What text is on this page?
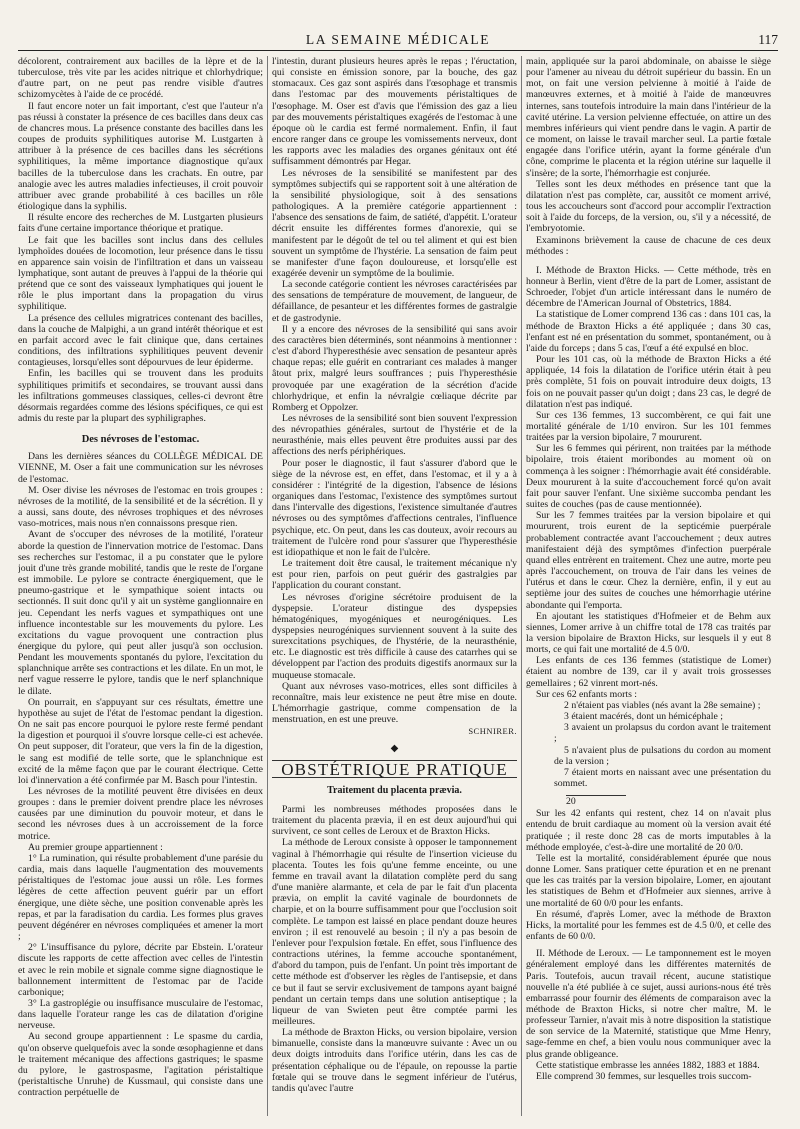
LA SEMAINE MÉDICALE	117

décolorent, contrairement aux bacilles de la lèpre et de la tuberculose, très vite par les acides nitrique et chlorhydrique; d'autre part, on ne peut pas rendre visible d'autres schizomycètes à l'aide de ce procédé.

Il faut encore noter un fait important, c'est que l'auteur n'a pas réussi à constater la présence de ces bacilles dans deux cas de chancres mous. La présence constante des bacilles dans les coupes de produits syphilitiques autorise M. Lustgarten à attribuer à la présence de ces bacilles dans les sécrétions syphilitiques, la même importance diagnostique qu'aux bacilles de la tuberculose dans les crachats. En outre, par analogie avec les autres maladies infectieuses, il croit pouvoir attribuer avec grande probabilité à ces bacilles un rôle étiologique dans la syphilis.

Il résulte encore des recherches de M. Lustgarten plusieurs faits d'une certaine importance théorique et pratique.

Le fait que les bacilles sont inclus dans des cellules lymphoïdes douées de locomotion, leur présence dans le tissu en apparence sain voisin de l'infiltration et dans un vaisseau lymphatique, sont autant de preuves à l'appui de la théorie qui prétend que ce sont des vaisseaux lymphatiques qui jouent le rôle le plus important dans la propagation du virus syphilitique.

La présence des cellules migratrices contenant des bacilles, dans la couche de Malpighi, a un grand intérêt théorique et est en parfait accord avec le fait clinique que, dans certaines conditions, des infiltrations syphilitiques peuvent devenir contagieuses, lorsqu'elles sont dépourvues de leur épiderme.

Enfin, les bacilles qui se trouvent dans les produits syphilitiques primitifs et secondaires, se trouvant aussi dans les infiltrations gommeuses classiques, celles-ci devront être désormais regardées comme des lésions spécifiques, ce qui est admis du reste par la plupart des syphiligraphes.

Des névroses de l'estomac.

Dans les dernières séances du COLLÈGE MÉDICAL DE VIENNE, M. Oser a fait une communication sur les névroses de l'estomac.

M. Oser divise les névroses de l'estomac en trois groupes : névroses de la motilité, de la sensibilité et de la sécrétion. Il y a aussi, sans doute, des névroses trophiques et des névroses vaso-motrices, mais nous n'en connaissons presque rien.

Avant de s'occuper des névroses de la motilité, l'orateur aborde la question de l'innervation motrice de l'estomac. Dans ses recherches sur l'estomac, il a pu constater que le pylore jouit d'une très grande mobilité, tandis que le reste de l'organe est immobile. Le pylore se contracte énergiquement, que le pneumo-gastrique et le sympathique soient intacts ou sectionnés. Il suit donc qu'il y ait un système ganglionnaire en jeu. Cependant les nerfs vagues et sympathiques ont une influence incontestable sur les mouvements du pylore. Les excitations du vague provoquent une contraction plus énergique du pylore, qui peut aller jusqu'à son occlusion. Pendant les mouvements spontanés du pylore, l'excitation du splanchnique arrête ses contractions et les dilate. En un mot, le nerf vague resserre le pylore, tandis que le nerf splanchnique le dilate.

On pourrait, en s'appuyant sur ces résultats, émettre une hypothèse au sujet de l'état de l'estomac pendant la digestion. On ne sait pas encore pourquoi le pylore reste fermé pendant la digestion et pourquoi il s'ouvre lorsque celle-ci est achevée. On peut supposer, dit l'orateur, que vers la fin de la digestion, le sang est modifié de telle sorte, que le splanchnique est excité de la même façon que par le courant électrique. Cette loi d'innervation a été confirmée par M. Basch pour l'intestin.

Les névroses de la motilité peuvent être divisées en deux groupes : dans le premier doivent prendre place les névroses causées par une diminution du pouvoir moteur, et dans le second les névroses dues à un accroissement de la force motrice.

Au premier groupe appartiennent :

1° La rumination, qui résulte probablement d'une parésie du cardia, mais dans laquelle l'augmentation des mouvements péristaltiques de l'estomac joue aussi un rôle. Les formes légères de cette affection peuvent guérir par un effort énergique, une diète sèche, une position convenable après les repas, et par la faradisation du cardia. Les formes plus graves peuvent dégénérer en névroses compliquées et amener la mort ;

2° L'insuffisance du pylore, décrite par Ebstein. L'orateur discute les rapports de cette affection avec celles de l'intestin et avec le rein mobile et signale comme signe diagnostique le ballonnement intermittent de l'estomac par de l'acide carbonique;

3° La gastroplégie ou insuffisance musculaire de l'estomac, dans laquelle l'orateur range les cas de dilatation d'origine nerveuse.

Au second groupe appartiennent : Le spasme du cardia, qu'on observe quelquefois avec la sonde œsophagienne et dans le traitement mécanique des affections gastriques; le spasme du pylore, le gastrospasme, l'agitation péristaltique (peristaltische Unruhe) de Kussmaul, qui consiste dans une contraction perpétuelle de

l'intestin, durant plusieurs heures après le repas ; l'éructation, qui consiste en émission sonore, par la bouche, des gaz stomacaux. Ces gaz sont aspirés dans l'œsophage et transmis dans l'estomac par des mouvements péristaltiques de l'œsophage. M. Oser est d'avis que l'émission des gaz a lieu par des mouvements péristaltiques exagérés de l'estomac à une époque où le cardia est fermé normalement. Enfin, il faut encore ranger dans ce groupe les vomissements nerveux, dont les rapports avec les maladies des organes génitaux ont été suffisamment démontrés par Hegar.

Les névroses de la sensibilité se manifestent par des symptômes subjectifs qui se rapportent soit à une altération de la sensibilité physiologique, soit à des sensations pathologiques. A la première catégorie appartiennent : l'absence des sensations de faim, de satiété, d'appétit. L'orateur décrit ensuite les différentes formes d'anorexie, qui se manifestent par le dégoût de tel ou tel aliment et qui est bien souvent un symptôme de l'hystérie. La sensation de faim peut se manifester d'une façon douloureuse, et lorsqu'elle est exagérée devenir un symptôme de la boulimie.

La seconde catégorie contient les névroses caractérisées par des sensations de température de mouvement, de langueur, de défaillance, de pesanteur et les différentes formes de gastralgie et de gastrodynie.

Il y a encore des névroses de la sensibilité qui sans avoir des caractères bien déterminés, sont néanmoins à mentionner : c'est d'abord l'hyperesthésie avec sensation de pesanteur après chaque repas; elle guérit en contrariant ces malades à manger âtout prix, malgré leurs souffrances ; puis l'hyperesthésie provoquée par une exagération de la sécrétion d'acide chlorhydrique, et enfin la névralgie cœliaque décrite par Romberg et Oppolzer.

Les névroses de la sensibilité sont bien souvent l'expression des névropathies générales, surtout de l'hystérie et de la neurasthénie, mais elles peuvent être produites aussi par des affections des nerfs périphériques.

Pour poser le diagnostic, il faut s'assurer d'abord que le siège de la névrose est, en effet, dans l'estomac, et il y a à considérer : l'intégrité de la digestion, l'absence de lésions organiques dans l'estomac, l'existence des symptômes surtout dans l'intervalle des digestions, l'existence simultanée d'autres névroses ou des symptômes d'affections centrales, l'influence psychique, etc. On peut, dans les cas douteux, avoir recours au traitement de l'ulcère rond pour s'assurer que l'hyperesthésie est idiopathique et non le fait de l'ulcère.

Le traitement doit être causal, le traitement mécanique n'y est pour rien, parfois on peut guérir des gastralgies par l'application du courant constant.

Les névroses d'origine sécrétoire produisent de la dyspepsie. L'orateur distingue des dyspepsies hématogéniques, myogéniques et neurogéniques. Les dyspepsies neurogéniques surviennent souvent à la suite des surexcitations psychiques, de l'hystérie, de la neurasthénie, etc. Le diagnostic est très difficile à cause des catarrhes qui se développent par l'action des produits digestifs anormaux sur la muqueuse stomacale.

Quant aux névroses vaso-motrices, elles sont difficiles à reconnaître, mais leur existence ne peut être mise en doute. L'hémorrhagie gastrique, comme compensation de la menstruation, en est une preuve.

SCHNIRER.
◆
OBSTÉTRIQUE PRATIQUE
Traitement du placenta prævia.

Parmi les nombreuses méthodes proposées dans le traitement du placenta prævia, il en est deux aujourd'hui qui survivent, ce sont celles de Leroux et de Braxton Hicks.

La méthode de Leroux consiste à opposer le tamponnement vaginal à l'hémorrhagie qui résulte de l'insertion vicieuse du placenta. Toutes les fois qu'une femme enceinte, ou une femme en travail avant la dilatation complète perd du sang d'une manière alarmante, et cela de par le fait d'un placenta prævia, on emplit la cavité vaginale de bourdonnets de charpie, et on la bourre suffisamment pour que l'occlusion soit complète. Le tampon est laissé en place pendant douze heures environ ; il est renouvelé au besoin ; il n'y a pas besoin de l'enlever pour l'expulsion fœtale. En effet, sous l'influence des contractions utérines, la femme accouche spontanément, d'abord du tampon, puis de l'enfant. Un point très important de cette méthode est d'observer les règles de l'antisepsie, et dans ce but il faut se servir exclusivement de tampons ayant baigné pendant un certain temps dans une solution antiseptique ; la liqueur de van Swieten peut être comptée parmi les meilleures.

La méthode de Braxton Hicks, ou version bipolaire, version bimanuelle, consiste dans la manœuvre suivante : Avec un ou deux doigts introduits dans l'orifice utérin, dans les cas de présentation céphalique ou de l'épaule, on repousse la partie fœtale qui se trouve dans le segment inférieur de l'utérus, tandis qu'avec l'autre

main, appliquée sur la paroi abdominale, on abaisse le siège pour l'amener au niveau du détroit supérieur du bassin. En un mot, on fait une version pelvienne à moitié à l'aide de manœuvres externes, et à moitié à l'aide de manœuvres internes, sans toutefois introduire la main dans l'intérieur de la cavité utérine. La version pelvienne effectuée, on attire un des membres inférieurs qui vient pendre dans le vagin. A partir de ce moment, on laisse le travail marcher seul. La partie fœtale engagée dans l'orifice utérin, ayant la forme générale d'un cône, comprime le placenta et la région utérine sur laquelle il s'insère; de la sorte, l'hémorrhagie est conjurée.

Telles sont les deux méthodes en présence tant que la dilatation n'est pas complète, car, aussitôt ce moment arrivé, tous les accoucheurs sont d'accord pour accomplir l'extraction soit à l'aide du forceps, de la version, ou, s'il y a nécessité, de l'embryotomie.

Examinons brièvement la cause de chacune de ces deux méthodes :

I. Méthode de Braxton Hicks. — Cette méthode, très en honneur à Berlin, vient d'être de la part de Lomer, assistant de Schroeder, l'objet d'un article intéressant dans le numéro de décembre de l'American Journal of Obstetrics, 1884.

La statistique de Lomer comprend 136 cas : dans 101 cas, la méthode de Braxton Hicks a été appliquée ; dans 30 cas, l'enfant est né en présentation du sommet, spontanément, ou à l'aide du forceps ; dans 5 cas, l'œuf a été expulsé en bloc.

Pour les 101 cas, où la méthode de Braxton Hicks a été appliquée, 14 fois la dilatation de l'orifice utérin était à peu près complète, 51 fois on pouvait introduire deux doigts, 13 fois on ne pouvait passer qu'un doigt ; dans 23 cas, le degré de dilatation n'est pas indiqué.

Sur ces 136 femmes, 13 succombèrent, ce qui fait une mortalité générale de 1/10 environ. Sur les 101 femmes traitées par la version bipolaire, 7 moururent.

Sur les 6 femmes qui périrent, non traitées par la méthode bipolaire, trois étaient moribondes au moment où on commença à les soigner : l'hémorrhagie avait été considérable. Deux moururent à la suite d'accouchement forcé qu'on avait fait pour sauver l'enfant. Une sixième succomba pendant les suites de couches (pas de cause mentionnée).

Sur les 7 femmes traitées par la version bipolaire et qui moururent, trois eurent de la septicémie puerpérale probablement contractée avant l'accouchement ; deux autres manifestaient déjà des symptômes d'infection puerpérale quand elles entrèrent en traitement. Chez une autre, morte peu après l'accouchement, on trouva de l'air dans les veines de l'utérus et dans le cœur. Chez la dernière, enfin, il y eut au septième jour des suites de couches une hémorrhagie utérine abondante qui l'emporta.

En ajoutant les statistiques d'Hofmeier et de Behm aux siennes, Lomer arrive à un chiffre total de 178 cas traités par la version bipolaire de Braxton Hicks, sur lesquels il y eut 8 morts, ce qui fait une mortalité de 4.5 0/0.

Les enfants de ces 136 femmes (statistique de Lomer) étaient au nombre de 139, car il y avait trois grossesses gemellaires ; 62 vinrent mort-nés.

Sur ces 62 enfants morts :

2 n'étaient pas viables (nés avant la 28e semaine) ;

3 étaient macérés, dont un hémicéphale ;

3 avaient un prolapsus du cordon avant le traitement ;

5 n'avaient plus de pulsations du cordon au moment de la version ;

7 étaient morts en naissant avec une présentation du sommet.

20

Sur les 42 enfants qui restent, chez 14 on n'avait plus entendu de bruit cardiaque au moment où la version avait été pratiquée ; il reste donc 28 cas de morts imputables à la méthode employée, c'est-à-dire une mortalité de 20 0/0.

Telle est la mortalité, considérablement épurée que nous donne Lomer. Sans pratiquer cette épuration et en ne prenant que les cas traités par la version bipolaire, Lomer, en ajoutant les statistiques de Behm et d'Hofmeier aux siennes, arrive à une mortalité de 60 0/0 pour les enfants.

En résumé, d'après Lomer, avec la méthode de Braxton Hicks, la mortalité pour les femmes est de 4.5 0/0, et celle des enfants de 60 0/0.

II. Méthode de Leroux. — Le tamponnement est le moyen généralement employé dans les différentes maternités de Paris. Toutefois, aucun travail récent, aucune statistique nouvelle n'a été publiée à ce sujet, aussi aurions-nous été très embarrassé pour fournir des éléments de comparaison avec la méthode de Braxton Hicks, si notre cher maître, M. le professeur Tarnier, n'avait mis à notre disposition la statistique de son service de la Maternité, statistique que Mme Henry, sage-femme en chef, a bien voulu nous communiquer avec la plus grande obligeance.

Cette statistique embrasse les années 1882, 1883 et 1884.

Elle comprend 30 femmes, sur lesquelles trois succom-
